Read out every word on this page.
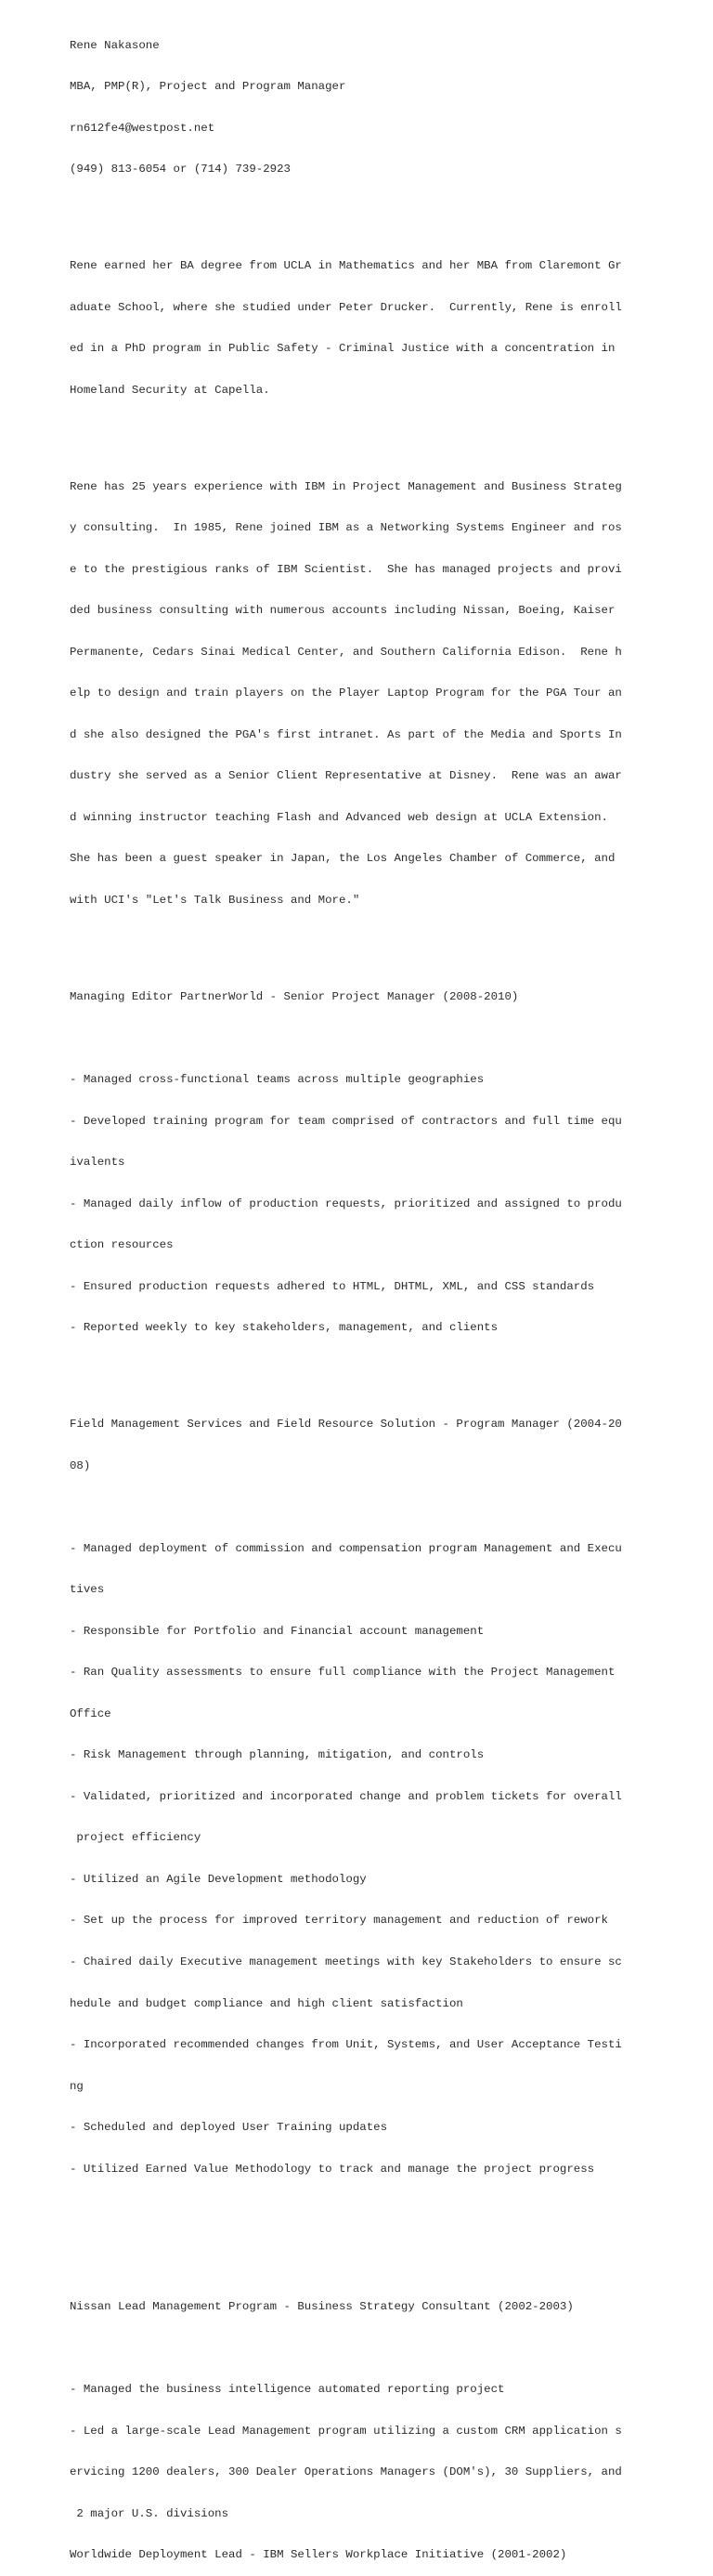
Rene Nakasone

MBA, PMP(R), Project and Program Manager

rn612fe4@westpost.net

(949) 813-6054 or (714) 739-2923

Rene earned her BA degree from UCLA in Mathematics and her MBA from Claremont Gr

aduate School, where she studied under Peter Drucker.  Currently, Rene is enroll

ed in a PhD program in Public Safety - Criminal Justice with a concentration in

Homeland Security at Capella.

Rene has 25 years experience with IBM in Project Management and Business Strateg

y consulting.  In 1985, Rene joined IBM as a Networking Systems Engineer and ros

e to the prestigious ranks of IBM Scientist.  She has managed projects and provi

ded business consulting with numerous accounts including Nissan, Boeing, Kaiser

Permanente, Cedars Sinai Medical Center, and Southern California Edison.  Rene h

elp to design and train players on the Player Laptop Program for the PGA Tour an

d she also designed the PGA's first intranet. As part of the Media and Sports In

dustry she served as a Senior Client Representative at Disney.  Rene was an awar

d winning instructor teaching Flash and Advanced web design at UCLA Extension.

She has been a guest speaker in Japan, the Los Angeles Chamber of Commerce, and

with UCI's "Let's Talk Business and More."

Managing Editor PartnerWorld - Senior Project Manager (2008-2010)

- Managed cross-functional teams across multiple geographies

- Developed training program for team comprised of contractors and full time equ

ivalents

- Managed daily inflow of production requests, prioritized and assigned to produ

ction resources

- Ensured production requests adhered to HTML, DHTML, XML, and CSS standards

- Reported weekly to key stakeholders, management, and clients

Field Management Services and Field Resource Solution - Program Manager (2004-20

08)

- Managed deployment of commission and compensation program Management and Execu

tives

- Responsible for Portfolio and Financial account management

- Ran Quality assessments to ensure full compliance with the Project Management

Office

- Risk Management through planning, mitigation, and controls

- Validated, prioritized and incorporated change and problem tickets for overall

project efficiency

- Utilized an Agile Development methodology

- Set up the process for improved territory management and reduction of rework

- Chaired daily Executive management meetings with key Stakeholders to ensure sc

hedule and budget compliance and high client satisfaction

- Incorporated recommended changes from Unit, Systems, and User Acceptance Testi

ng

- Scheduled and deployed User Training updates

- Utilized Earned Value Methodology to track and manage the project progress

Nissan Lead Management Program - Business Strategy Consultant (2002-2003)

- Managed the business intelligence automated reporting project

- Led a large-scale Lead Management program utilizing a custom CRM application s

ervicing 1200 dealers, 300 Dealer Operations Managers (DOM's), 30 Suppliers, and

2 major U.S. divisions

Worldwide Deployment Lead - IBM Sellers Workplace Initiative (2001-2002)
